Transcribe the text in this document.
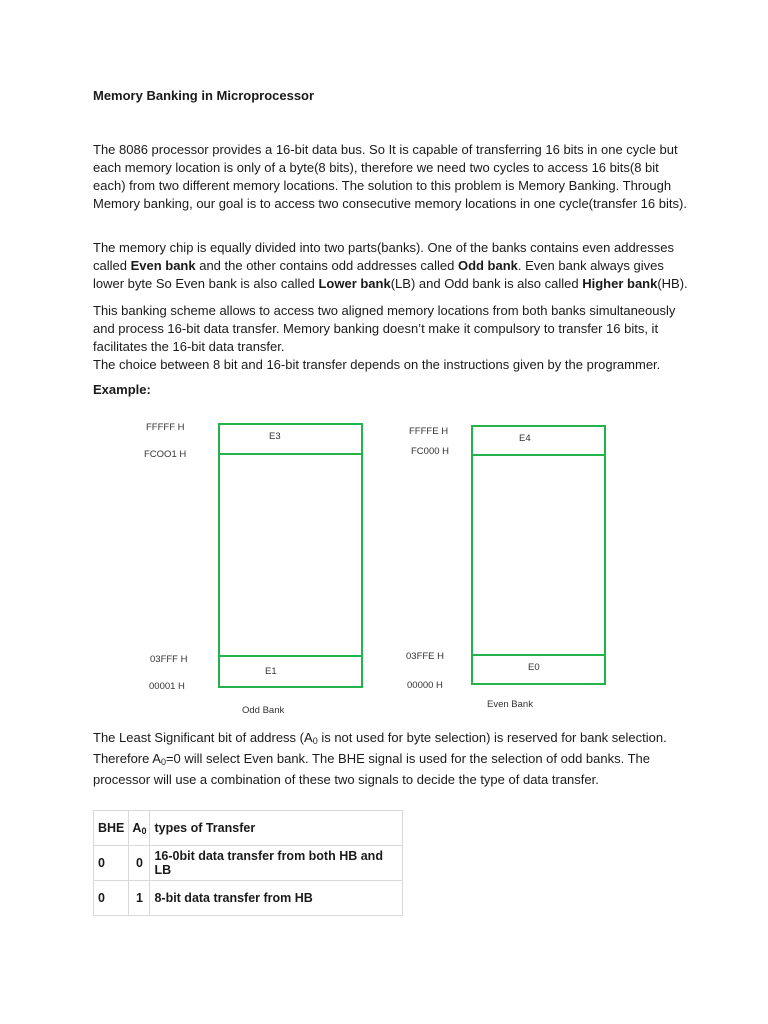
Memory Banking in Microprocessor

The 8086 processor provides a 16-bit data bus. So It is capable of transferring 16 bits in one cycle but each memory location is only of a byte(8 bits), therefore we need two cycles to access 16 bits(8 bit each) from two different memory locations. The solution to this problem is Memory Banking. Through Memory banking, our goal is to access two consecutive memory locations in one cycle(transfer 16 bits).

The memory chip is equally divided into two parts(banks). One of the banks contains even addresses called Even bank and the other contains odd addresses called Odd bank. Even bank always gives lower byte So Even bank is also called Lower bank(LB) and Odd bank is also called Higher bank(HB).

This banking scheme allows to access two aligned memory locations from both banks simultaneously and process 16-bit data transfer. Memory banking doesn’t make it compulsory to transfer 16 bits, it facilitates the 16-bit data transfer.
The choice between 8 bit and 16-bit transfer depends on the instructions given by the programmer.

Example:
FFFFF H
FCOO1 H
E3
03FFF H
00001 H
E1
Odd Bank
FFFFE H
FC000 H
E4
03FFE H
00000 H
E0
Even Bank

The Least Significant bit of address ($A_0$ is not used for byte selection) is reserved for bank selection. Therefore $A_0=0$ will select Even bank. The BHE signal is used for the selection of odd banks. The processor will use a combination of these two signals to decide the type of data transfer.

BHE	$A_0$	types of Transfer
0	0	16-0bit data transfer from both HB and LB
0	1	8-bit data transfer from HB
